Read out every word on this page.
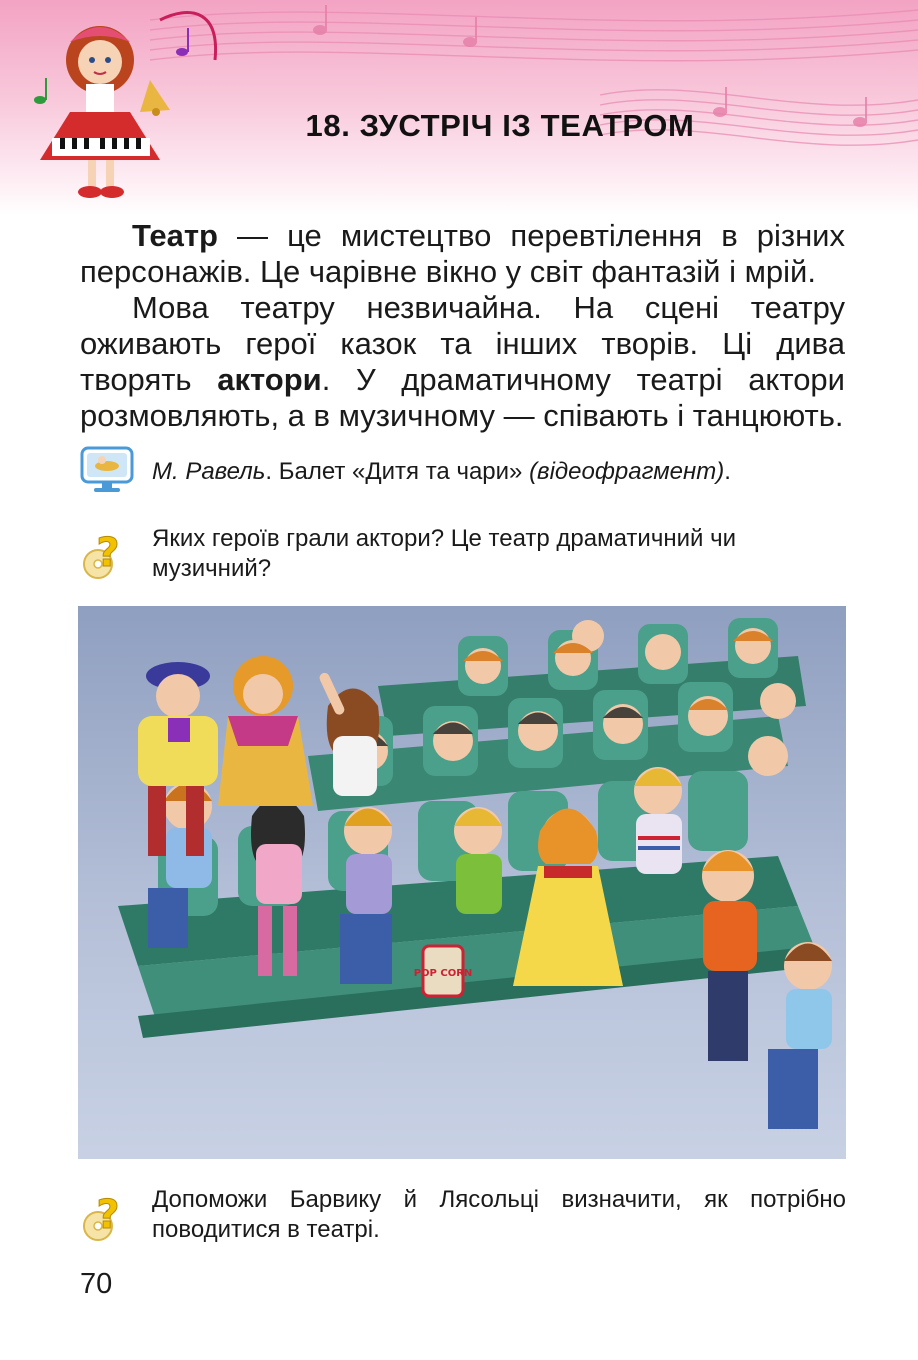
18. ЗУСТРІЧ ІЗ ТЕАТРОМ
Театр — це мистецтво перевтілення в різних персонажів. Це чарівне вікно у світ фантазій і мрій.
Мова театру незвичайна. На сцені театру оживають герої казок та інших творів. Ці дива творять актори. У драматичному театрі актори розмовляють, а в музичному — співають і танцюють.
М. Равель. Балет «Дитя та чари» (відеофрагмент).
? Яких героїв грали актори? Це театр драматичний чи музичний?
POP CORN
? Допоможи Барвику й Лясольці визначити, як потрібно поводитися в театрі.
70
